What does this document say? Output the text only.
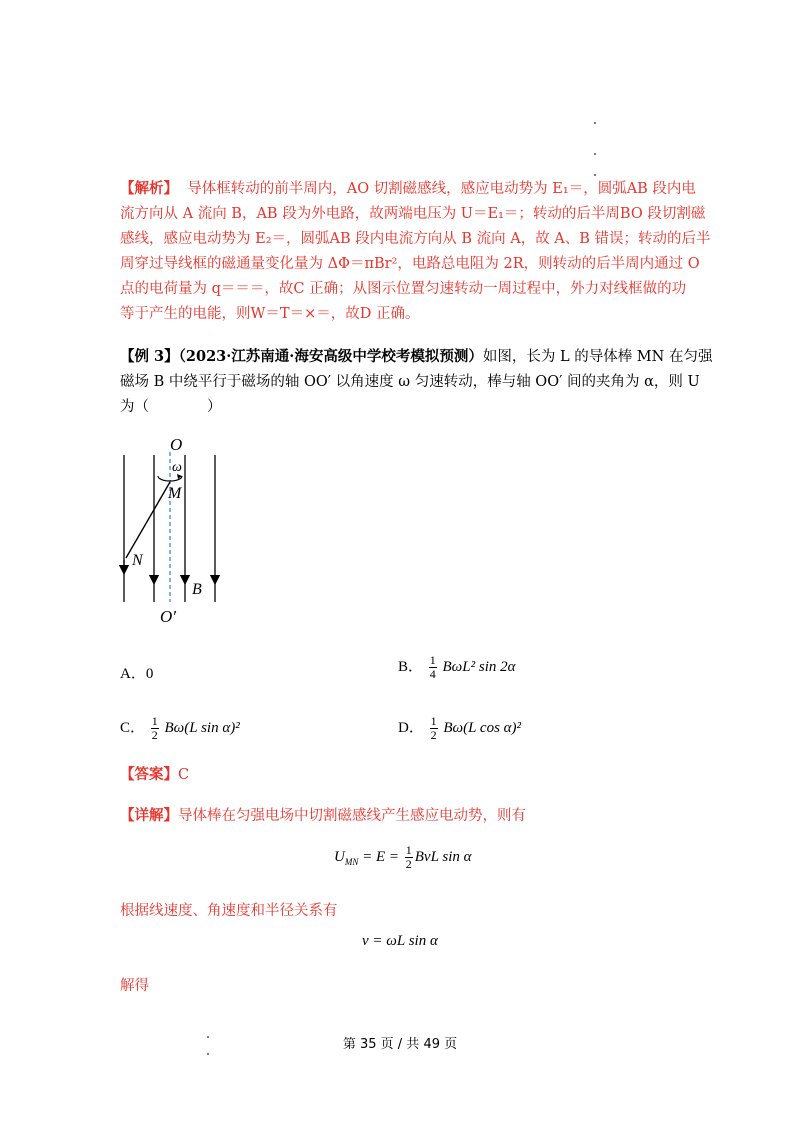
【解析】 导体框转动的前半周内，AO 切割磁感线，感应电动势为 E₁＝，圆弧AB 段内电
流方向从 A 流向 B，AB 段为外电路，故两端电压为 U＝E₁＝；转动的后半周BO 段切割磁
感线，感应电动势为 E₂＝，圆弧AB 段内电流方向从 B 流向 A，故 A、B 错误；转动的后半
周穿过导线框的磁通量变化量为 ΔΦ＝πBr²，电路总电阻为 2R，则转动的后半周内通过 O
点的电荷量为 q＝＝＝，故C 正确；从图示位置匀速转动一周过程中，外力对线框做的功
等于产生的电能，则W＝T＝×＝，故D 正确。
【例 3】（2023·江苏南通·海安高级中学校考模拟预测）如图，长为 L 的导体棒 MN 在匀强
磁场 B 中绕平行于磁场的轴 OO′ 以角速度 ω 匀速转动，棒与轴 OO′ 间的夹角为 α，则 U
为（　　　　）
O
ω
M
N
B
O′
A．0	B． $\frac{1}{4} B\omega L^2$ sin 2α
C． $\frac{1}{2} B\omega(L$ sin α)²	D． $\frac{1}{2} B\omega(L$ cos α)²
【答案】C
【详解】导体棒在匀强电场中切割磁感线产生感应电动势，则有
$U_{MN} = E = \frac{1}{2}$ BvL sin α
根据线速度、角速度和半径关系有
v = ωL sin α
解得
第 35 页 / 共 49 页
